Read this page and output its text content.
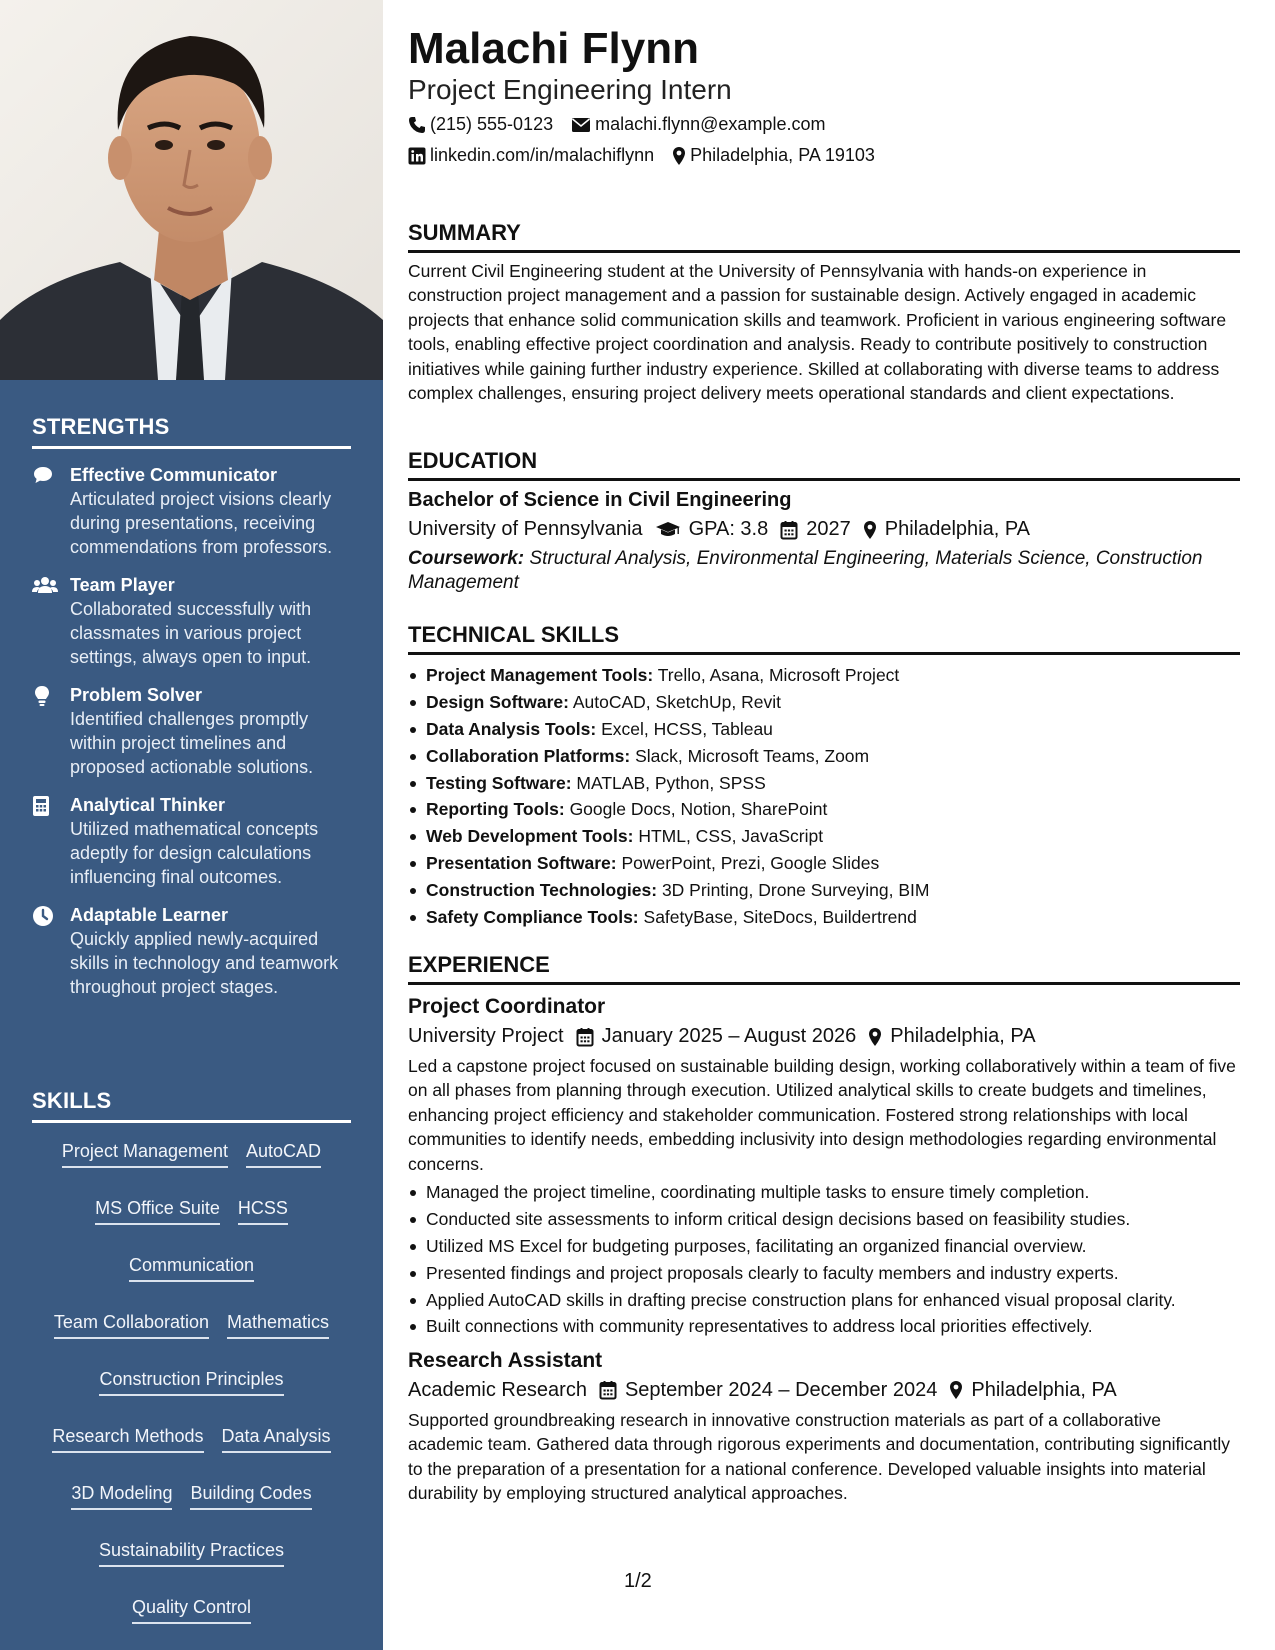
STRENGTHS
Effective Communicator
Articulated project visions clearly during presentations, receiving commendations from professors.
Team Player
Collaborated successfully with classmates in various project settings, always open to input.
Problem Solver
Identified challenges promptly within project timelines and proposed actionable solutions.
Analytical Thinker
Utilized mathematical concepts adeptly for design calculations influencing final outcomes.
Adaptable Learner
Quickly applied newly-acquired skills in technology and teamwork throughout project stages.
SKILLS
Project Management AutoCAD
MS Office Suite HCSS
Communication
Team Collaboration Mathematics
Construction Principles
Research Methods Data Analysis
3D Modeling Building Codes
Sustainability Practices
Quality Control
Malachi Flynn
Project Engineering Intern
(215) 555-0123 malachi.flynn@example.com
linkedin.com/in/malachiflynn Philadelphia, PA 19103
SUMMARY
Current Civil Engineering student at the University of Pennsylvania with hands-on experience in construction project management and a passion for sustainable design. Actively engaged in academic projects that enhance solid communication skills and teamwork. Proficient in various engineering software tools, enabling effective project coordination and analysis. Ready to contribute positively to construction initiatives while gaining further industry experience. Skilled at collaborating with diverse teams to address complex challenges, ensuring project delivery meets operational standards and client expectations.
EDUCATION
Bachelor of Science in Civil Engineering
University of Pennsylvania GPA: 3.8 2027 Philadelphia, PA
Coursework: Structural Analysis, Environmental Engineering, Materials Science, Construction Management
TECHNICAL SKILLS
Project Management Tools: Trello, Asana, Microsoft Project
Design Software: AutoCAD, SketchUp, Revit
Data Analysis Tools: Excel, HCSS, Tableau
Collaboration Platforms: Slack, Microsoft Teams, Zoom
Testing Software: MATLAB, Python, SPSS
Reporting Tools: Google Docs, Notion, SharePoint
Web Development Tools: HTML, CSS, JavaScript
Presentation Software: PowerPoint, Prezi, Google Slides
Construction Technologies: 3D Printing, Drone Surveying, BIM
Safety Compliance Tools: SafetyBase, SiteDocs, Buildertrend
EXPERIENCE
Project Coordinator
University Project January 2025 – August 2026 Philadelphia, PA
Led a capstone project focused on sustainable building design, working collaboratively within a team of five on all phases from planning through execution. Utilized analytical skills to create budgets and timelines, enhancing project efficiency and stakeholder communication. Fostered strong relationships with local communities to identify needs, embedding inclusivity into design methodologies regarding environmental concerns.
Managed the project timeline, coordinating multiple tasks to ensure timely completion.
Conducted site assessments to inform critical design decisions based on feasibility studies.
Utilized MS Excel for budgeting purposes, facilitating an organized financial overview.
Presented findings and project proposals clearly to faculty members and industry experts.
Applied AutoCAD skills in drafting precise construction plans for enhanced visual proposal clarity.
Built connections with community representatives to address local priorities effectively.
Research Assistant
Academic Research September 2024 – December 2024 Philadelphia, PA
Supported groundbreaking research in innovative construction materials as part of a collaborative academic team. Gathered data through rigorous experiments and documentation, contributing significantly to the preparation of a presentation for a national conference. Developed valuable insights into material durability by employing structured analytical approaches.
1/2
